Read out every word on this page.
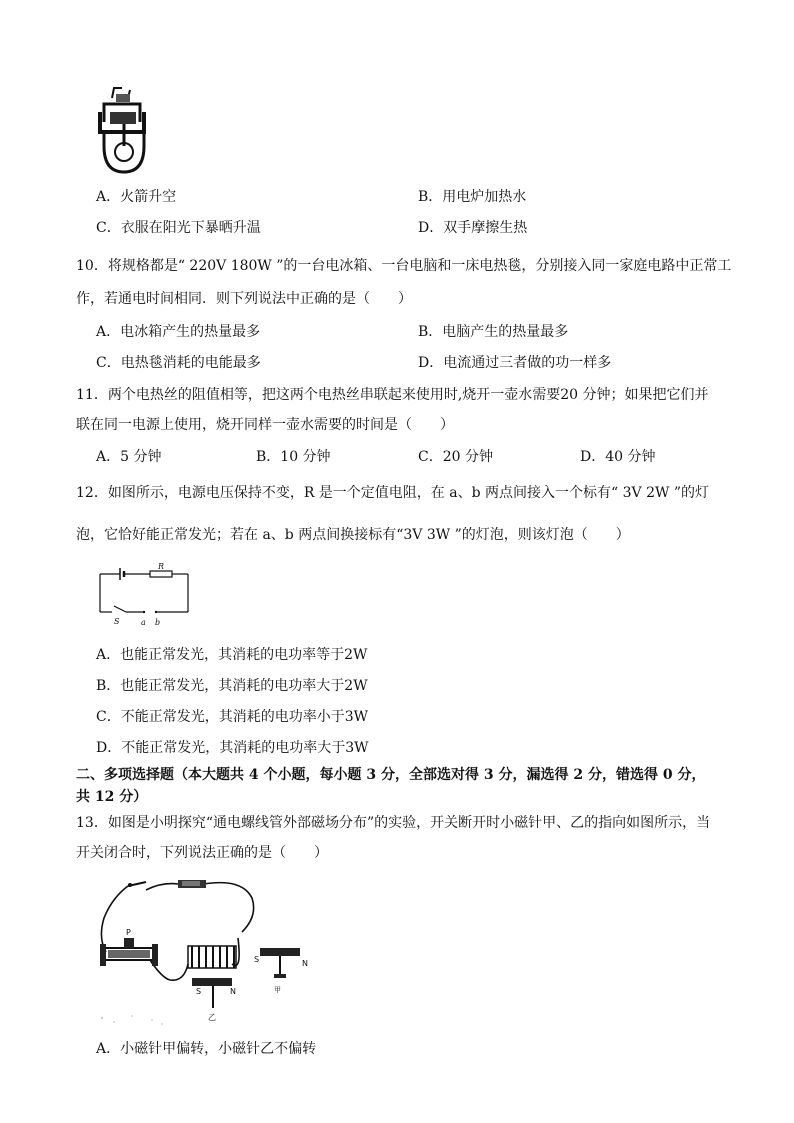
A．火箭升空	B．用电炉加热水
C．衣服在阳光下暴晒升温	D．双手摩擦生热
10．将规格都是“ 220V 180W ”的一台电冰箱、一台电脑和一床电热毯，分别接入同一家庭电路中正常工
作，若通电时间相同．则下列说法中正确的是（　　）
A．电冰箱产生的热量最多	B．电脑产生的热量最多
C．电热毯消耗的电能最多	D．电流通过三者做的功一样多
11．两个电热丝的阻值相等，把这两个电热丝串联起来使用时,烧开一壶水需要20 分钟；如果把它们并
联在同一电源上使用，烧开同样一壶水需要的时间是（　　）
A．5 分钟	B．10 分钟	C．20 分钟	D．40 分钟
12．如图所示，电源电压保持不变，R 是一个定值电阻，在 a、b 两点间接入一个标有“ 3V 2W ”的灯
泡，它恰好能正常发光；若在 a、b 两点间换接标有“3V 3W ”的灯泡，则该灯泡（　　）
R
S	a b
A．也能正常发光，其消耗的电功率等于2W
B．也能正常发光，其消耗的电功率大于2W
C．不能正常发光，其消耗的电功率小于3W
D．不能正常发光，其消耗的电功率大于3W
二、多项选择题（本大题共 4 个小题，每小题 3 分，全部选对得 3 分，漏选得 2 分，错选得 0 分，
共 12 分）
13．如图是小明探究“通电螺线管外部磁场分布”的实验，开关断开时小磁针甲、乙的指向如图所示，当
开关闭合时，下列说法正确的是（　　）
P
S	N
甲
S	N
乙
A．小磁针甲偏转，小磁针乙不偏转
